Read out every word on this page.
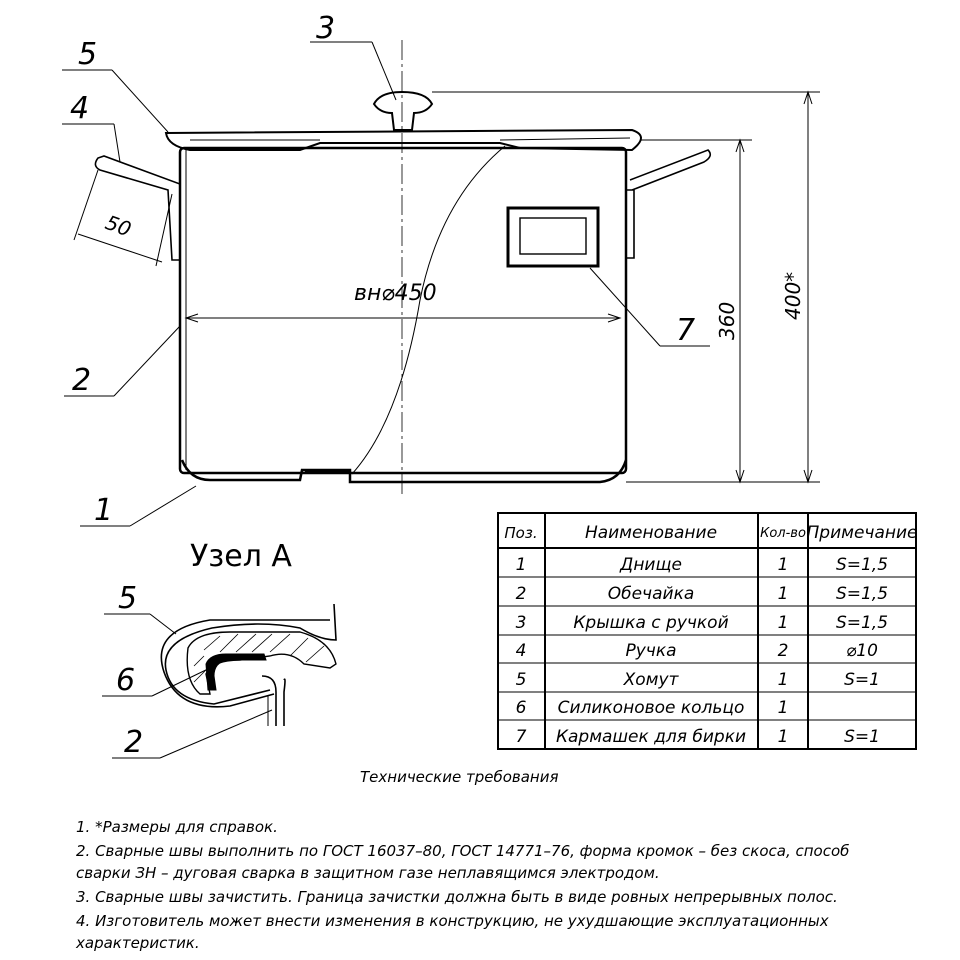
вн⌀450
360
400*
50
3
5
4
2
1
7
Узел А
5
6
2
Поз.	Наименование	Кол-во Примечание
1	Днище	1	S=1,5
2	Обечайка	1	S=1,5
3	Крышка с ручкой	1	S=1,5
4	Ручка	2	⌀10
5	Хомут	1	S=1
6 Силиконовое кольцо 1
7 Кармашек для бирки 1	S=1
Технические требования
1. *Размеры для справок.
2. Сварные швы выполнить по ГОСТ 16037–80, ГОСТ 14771–76, форма кромок – без скоса, способ
сварки ЗН – дуговая сварка в защитном газе неплавящимся электродом.
3. Сварные швы зачистить. Граница зачистки должна быть в виде ровных непрерывных полос.
4. Изготовитель может внести изменения в конструкцию, не ухудшающие эксплуатационных
характеристик.
